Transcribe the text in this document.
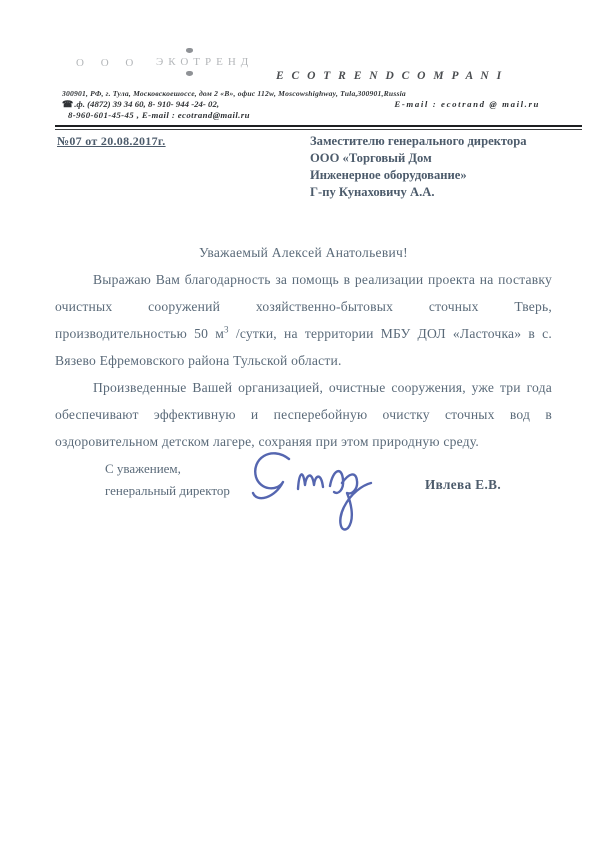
О О О ЭКОТРЕНД
E C O T R E N D C O M P A N I
300901, РФ, г. Тула, Московскоешоссе, дом 2 «В», офис 112w, Moscowshighway, Tula,300901,Russia
☎.ф. (4872) 39 34 60, 8- 910- 944 -24- 02,	E-mail : ecotrand @ mail.ru
8-960-601-45-45 , E-mail : ecotrand@mail.ru
№07 от 20.08.2017г.	Заместителю генерального директора
ООО «Торговый Дом
Инженерное оборудование»
Г-пу Кунаховичу А.А.
Уважаемый Алексей Анатольевич!

Выражаю Вам благодарность за помощь в реализации проекта на поставку очистных сооружений хозяйственно-бытовых сточных Тверь, производительностью 50 $м^3$ /сутки, на территории МБУ ДОЛ «Ласточка» в с. Вязево Ефремовского района Тульской области.

Произведенные Вашей организацией, очистные сооружения, уже три года обеспечивают эффективную и песперебойную очистку сточных вод в оздоровительном детском лагере, сохраняя при этом природную среду.

С уважением,
генеральный директор	Ивлева Е.В.
